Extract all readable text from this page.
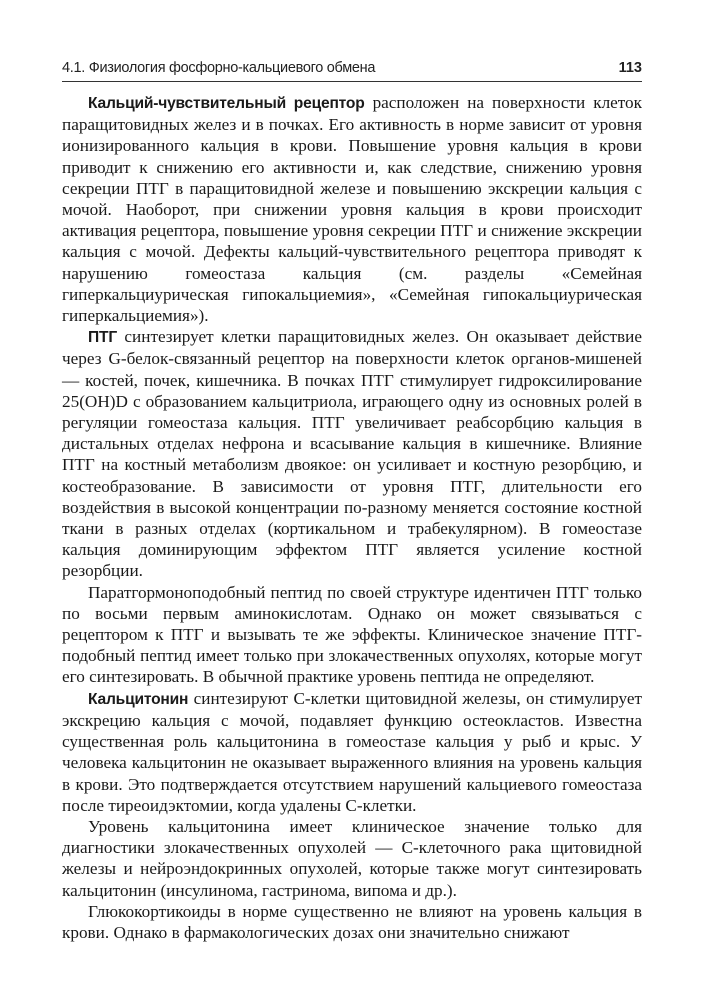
4.1. Физиология фосфорно-кальциевого обмена	113

Кальций-чувствительный рецептор расположен на поверхности клеток паращитовидных желез и в почках. Его активность в норме зависит от уровня ионизированного кальция в крови. Повышение уровня кальция в крови приводит к снижению его активности и, как следствие, снижению уровня секреции ПТГ в паращитовидной железе и повышению экскреции кальция с мочой. Наоборот, при снижении уровня кальция в крови происходит активация рецептора, повышение уровня секреции ПТГ и снижение экскреции кальция с мочой. Дефекты кальций-чувствительного рецептора приводят к нарушению гомеостаза кальция (см. разделы «Семейная гиперкальциурическая гипокальциемия», «Семейная гипокальциурическая гиперкальциемия»).

ПТГ синтезирует клетки паращитовидных желез. Он оказывает действие через G-белок-связанный рецептор на поверхности клеток органов-мишеней — костей, почек, кишечника. В почках ПТГ стимулирует гидроксилирование 25(OH)D с образованием кальцитриола, играющего одну из основных ролей в регуляции гомеостаза кальция. ПТГ увеличивает реабсорбцию кальция в дистальных отделах нефрона и всасывание кальция в кишечнике. Влияние ПТГ на костный метаболизм двоякое: он усиливает и костную резорбцию, и костеобразование. В зависимости от уровня ПТГ, длительности его воздействия в высокой концентрации по-разному меняется состояние костной ткани в разных отделах (кортикальном и трабекулярном). В гомеостазе кальция доминирующим эффектом ПТГ является усиление костной резорбции.

Паратгормоноподобный пептид по своей структуре идентичен ПТГ только по восьми первым аминокислотам. Однако он может связываться с рецептором к ПТГ и вызывать те же эффекты. Клиническое значение ПТГ-подобный пептид имеет только при злокачественных опухолях, которые могут его синтезировать. В обычной практике уровень пептида не определяют.

Кальцитонин синтезируют C-клетки щитовидной железы, он стимулирует экскрецию кальция с мочой, подавляет функцию остеокластов. Известна существенная роль кальцитонина в гомеостазе кальция у рыб и крыс. У человека кальцитонин не оказывает выраженного влияния на уровень кальция в крови. Это подтверждается отсутствием нарушений кальциевого гомеостаза после тиреоидэктомии, когда удалены C-клетки.

Уровень кальцитонина имеет клиническое значение только для диагностики злокачественных опухолей — C-клеточного рака щитовидной железы и нейроэндокринных опухолей, которые также могут синтезировать кальцитонин (инсулинома, гастринома, випома и др.).

Глюкокортикоиды в норме существенно не влияют на уровень кальция в крови. Однако в фармакологических дозах они значительно снижают
